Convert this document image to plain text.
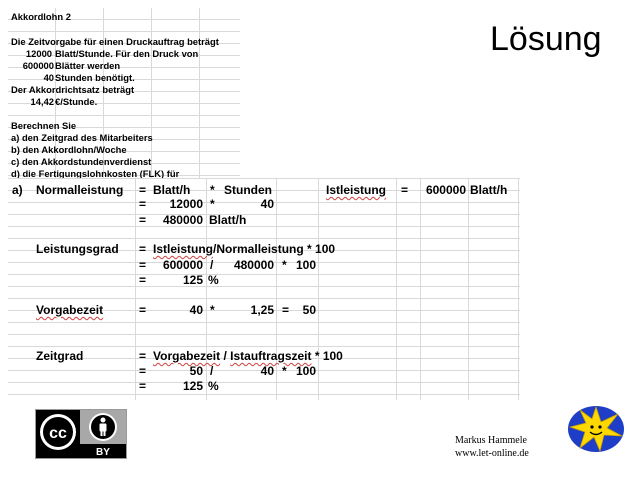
Lösung
Akkordlohn 2
Die Zeitvorgabe für einen Druckauftrag beträgt
12000 Blatt/Stunde. Für den Druck von
600000 Blätter werden
40 Stunden benötigt.
Der Akkordrichtsatz beträgt
14,42 €/Stunde.
Berechnen Sie
a) den Zeitgrad des Mitarbeiters
b) den Akkordlohn/Woche
c) den Akkordstundenverdienst
d) die Fertigungslohnkosten (FLK) für
a) Normalleistung = Blatt/h * Stunden	Istleistung =	600000 Blatt/h
=	12000 *	40
=	480000 Blatt/h
Leistungsgrad = Istleistung/Normalleistung * 100
=	600000 /	480000 * 100
=	125 %
Vorgabezeit	=	40 *	1,25 =	50
Zeitgrad	= Vorgabezeit / Istauftragszeit * 100
=	50 /	40 * 100
=	125 %
cc
BY
Markus Hammele
www.let-online.de
